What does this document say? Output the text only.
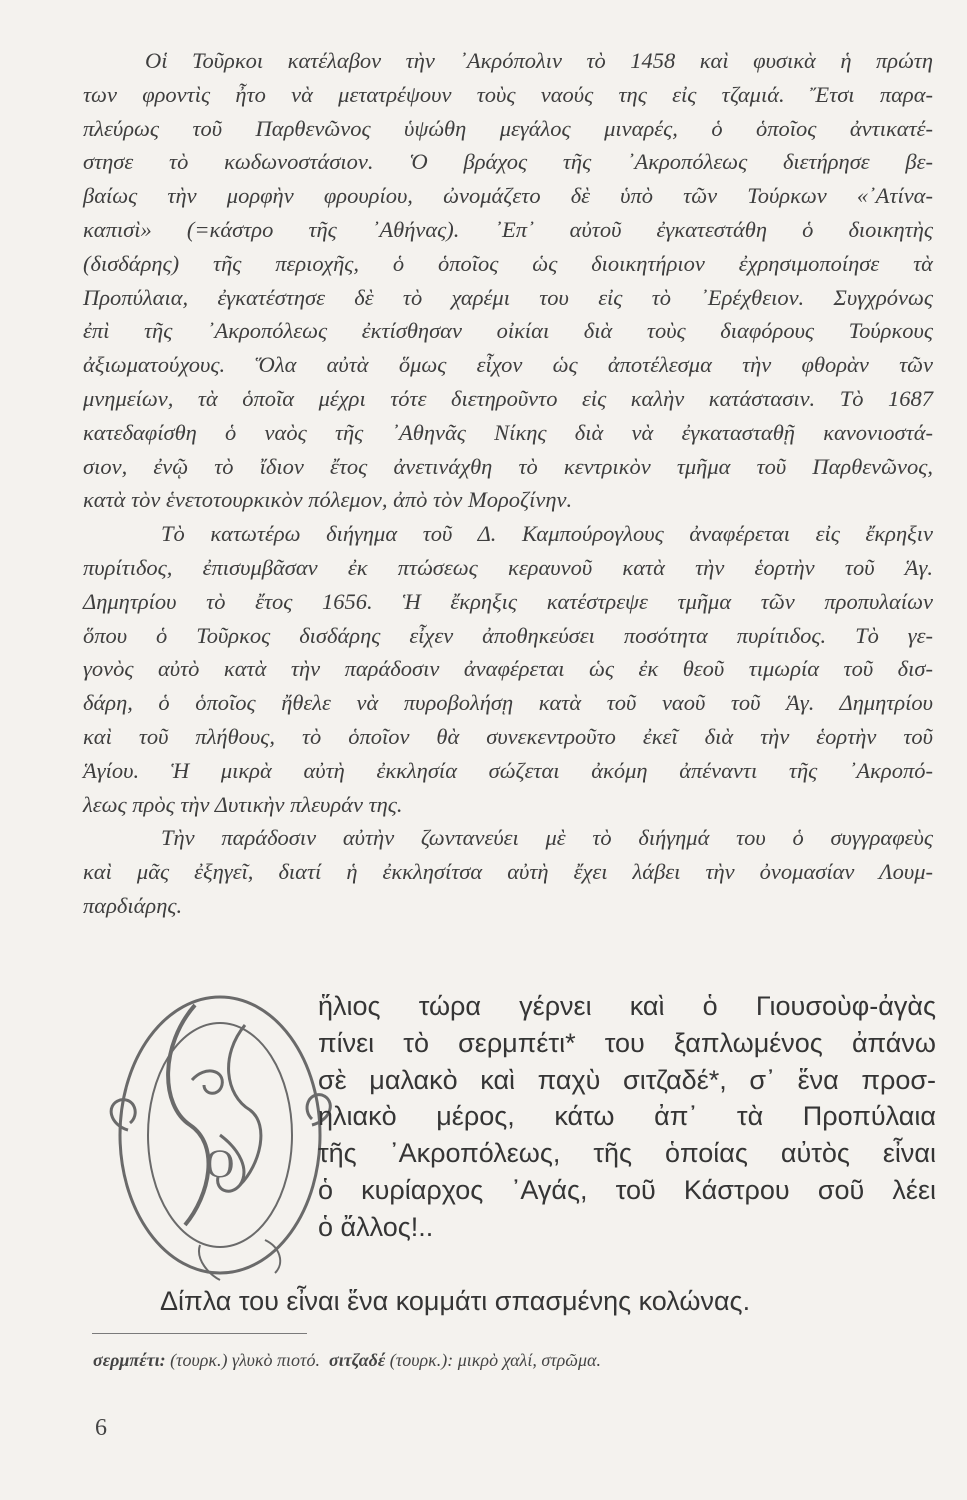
Οἱ Τοῦρκοι κατέλαβον τὴν ᾿Ακρόπολιν τὸ 1458 καὶ φυσικὰ ἡ πρώτη
των φροντὶς ἦτο νὰ μετατρέψουν τοὺς ναούς της εἰς τζαμιά. Ἔτσι παρα-
πλεύρως τοῦ Παρθενῶνος ὑψώθη μεγάλος μιναρές, ὁ ὁποῖος ἀντικατέ-
στησε τὸ κωδωνοστάσιον. Ὁ βράχος τῆς ᾿Ακροπόλεως διετήρησε βε-
βαίως τὴν μορφὴν φρουρίου, ὠνομάζετο δὲ ὑπὸ τῶν Τούρκων «᾿Ατίνα-
καπισὶ» (=κάστρο τῆς ᾿Αθήνας). ᾿Επ᾿ αὐτοῦ ἐγκατεστάθη ὁ διοικητὴς
(δισδάρης) τῆς περιοχῆς, ὁ ὁποῖος ὡς διοικητήριον ἐχρησιμοποίησε τὰ
Προπύλαια, ἐγκατέστησε δὲ τὸ χαρέμι του εἰς τὸ ᾿Ερέχθειον. Συγχρόνως
ἐπὶ τῆς ᾿Ακροπόλεως ἐκτίσθησαν οἰκίαι διὰ τοὺς διαφόρους Τούρκους
ἀξιωματούχους. Ὅλα αὐτὰ ὅμως εἶχον ὡς ἀποτέλεσμα τὴν φθορὰν τῶν
μνημείων, τὰ ὁποῖα μέχρι τότε διετηροῦντο εἰς καλὴν κατάστασιν. Τὸ 1687
κατεδαφίσθη ὁ ναὸς τῆς ᾿Αθηνᾶς Νίκης διὰ νὰ ἐγκατασταθῇ κανονιοστά-
σιον, ἐνῷ τὸ ἴδιον ἔτος ἀνετινάχθη τὸ κεντρικὸν τμῆμα τοῦ Παρθενῶνος,
κατὰ τὸν ἑνετοτουρκικὸν πόλεμον, ἀπὸ τὸν Μοροζίνην.
Τὸ κατωτέρω διήγημα τοῦ Δ. Καμπούρογλους ἀναφέρεται εἰς ἔκρηξιν
πυρίτιδος, ἐπισυμβᾶσαν ἐκ πτώσεως κεραυνοῦ κατὰ τὴν ἑορτὴν τοῦ Ἁγ.
Δημητρίου τὸ ἔτος 1656. Ἡ ἔκρηξις κατέστρεψε τμῆμα τῶν προπυλαίων
ὅπου ὁ Τοῦρκος δισδάρης εἶχεν ἀποθηκεύσει ποσότητα πυρίτιδος. Τὸ γε-
γονὸς αὐτὸ κατὰ τὴν παράδοσιν ἀναφέρεται ὡς ἐκ θεοῦ τιμωρία τοῦ δισ-
δάρη, ὁ ὁποῖος ἤθελε νὰ πυροβολήσῃ κατὰ τοῦ ναοῦ τοῦ Ἁγ. Δημητρίου
καὶ τοῦ πλήθους, τὸ ὁποῖον θὰ συνεκεντροῦτο ἐκεῖ διὰ τὴν ἑορτὴν τοῦ
Ἁγίου. Ἡ μικρὰ αὐτὴ ἐκκλησία σώζεται ἀκόμη ἀπέναντι τῆς ᾿Ακροπό-
λεως πρὸς τὴν Δυτικὴν πλευράν της.
Τὴν παράδοσιν αὐτὴν ζωντανεύει μὲ τὸ διήγημά του ὁ συγγραφεὺς
καὶ μᾶς ἐξηγεῖ, διατί ἡ ἐκκλησίτσα αὐτὴ ἔχει λάβει τὴν ὀνομασίαν Λουμ-
παρδιάρης.
Ο
ἥλιος τώρα γέρνει καὶ ὁ Γιουσοὺφ-ἀγὰς
πίνει τὸ σερμπέτι* του ξαπλωμένος ἀπάνω
σὲ μαλακὸ καὶ παχὺ σιτζαδέ*, σ᾿ ἕνα προσ-
ηλιακὸ μέρος, κάτω ἀπ᾿ τὰ Προπύλαια
τῆς ᾿Ακροπόλεως, τῆς ὁποίας αὐτὸς εἶναι
ὁ κυρίαρχος ᾿Αγάς, τοῦ Κάστρου σοῦ λέει
ὁ ἄλλος!..
Δίπλα του εἶναι ἕνα κομμάτι σπασμένης κολώνας.
σερμπέτι: (τουρκ.) γλυκὸ πιοτό. σιτζαδέ (τουρκ.): μικρὸ χαλί, στρῶμα.
6
